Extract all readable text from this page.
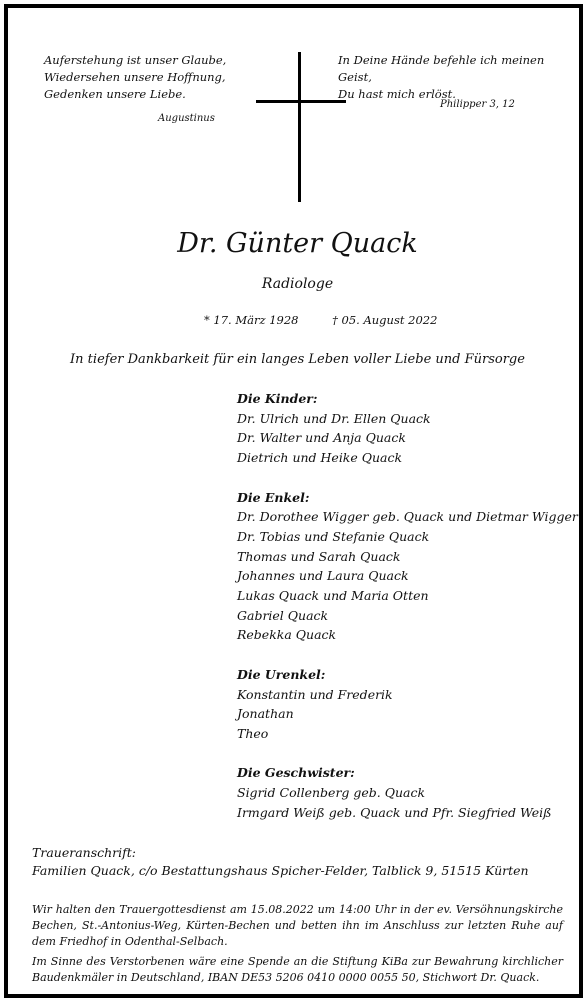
Auferstehung ist unser Glaube,
Wiedersehen unsere Hoffnung,
Gedenken unsere Liebe.
Augustinus
In Deine Hände befehle ich meinen Geist,
Du hast mich erlöst.
Philipper 3, 12
Dr. Günter Quack
Radiologe
* 17. März 1928	† 05. August 2022
In tiefer Dankbarkeit für ein langes Leben voller Liebe und Fürsorge
Die Kinder:
Dr. Ulrich und Dr. Ellen Quack
Dr. Walter und Anja Quack
Dietrich und Heike Quack
Die Enkel:
Dr. Dorothee Wigger geb. Quack und Dietmar Wigger
Dr. Tobias und Stefanie Quack
Thomas und Sarah Quack
Johannes und Laura Quack
Lukas Quack und Maria Otten
Gabriel Quack
Rebekka Quack
Die Urenkel:
Konstantin und Frederik
Jonathan
Theo
Die Geschwister:
Sigrid Collenberg geb. Quack
Irmgard Weiß geb. Quack und Pfr. Siegfried Weiß
Traueranschrift:
Familien Quack, c/o Bestattungshaus Spicher-Felder, Talblick 9, 51515 Kürten
Wir halten den Trauergottesdienst am 15.08.2022 um 14:00 Uhr in der ev. Versöhnungskirche Bechen, St.-Antonius-Weg, Kürten-Bechen und betten ihn im Anschluss zur letzten Ruhe auf dem Friedhof in Odenthal-Selbach.
Im Sinne des Verstorbenen wäre eine Spende an die Stiftung KiBa zur Bewahrung kirchlicher Baudenkmäler in Deutschland, IBAN DE53 5206 0410 0000 0055 50, Stichwort Dr. Quack.
